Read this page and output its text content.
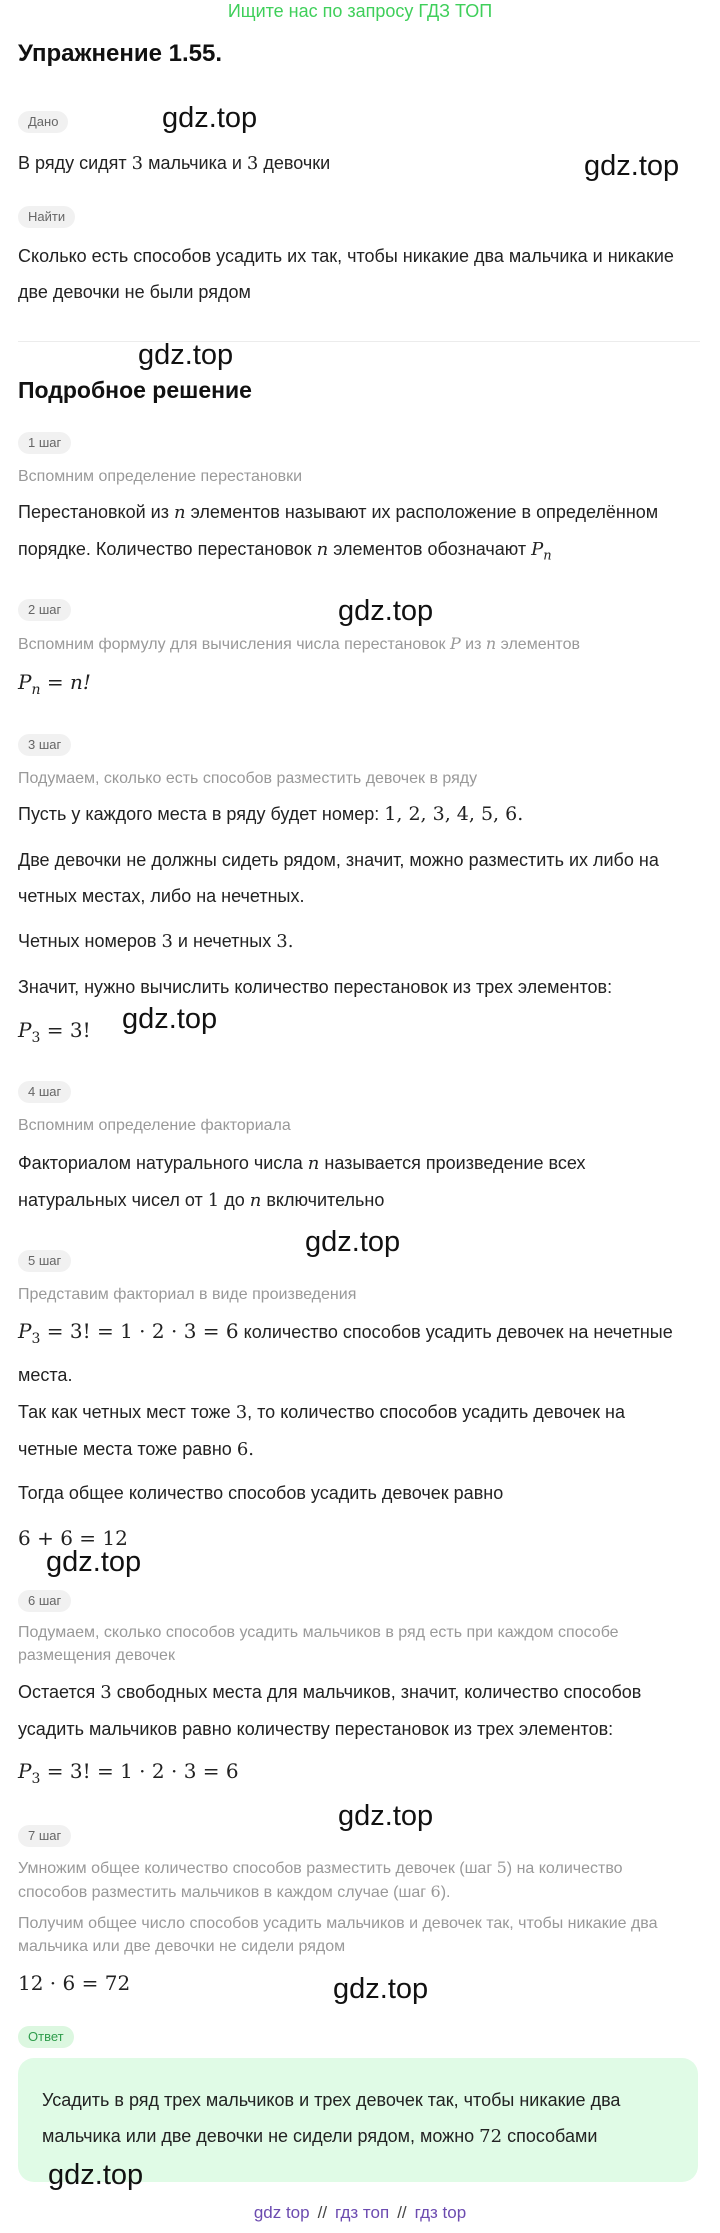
Ищите нас по запросу ГДЗ ТОП
Упражнение 1.55.
Дано
В ряду сидят 3 мальчика и 3 девочки
Найти
Сколько есть способов усадить их так, чтобы никакие два мальчика и никакие
две девочки не были рядом
Подробное решение
1 шаг
Вспомним определение перестановки
Перестановкой из n элементов называют их расположение в определённом
порядке. Количество перестановок n элементов обозначают $P_n$
2 шаг
Вспомним формулу для вычисления числа перестановок P из n элементов
$P_n = n$!
3 шаг
Подумаем, сколько есть способов разместить девочек в ряду
Пусть у каждого места в ряду будет номер: 1, 2, 3, 4, 5, 6.
Две девочки не должны сидеть рядом, значит, можно разместить их либо на
четных местах, либо на нечетных.
Четных номеров 3 и нечетных 3.
Значит, нужно вычислить количество перестановок из трех элементов:
$P_3 = 3$!
4 шаг
Вспомним определение факториала
Факториалом натурального числа n называется произведение всех
натуральных чисел от 1 до n включительно
5 шаг
Представим факториал в виде произведения
$P_3 = 3$! = 1 · 2 · 3 = 6 количество способов усадить девочек на нечетные
места.
Так как четных мест тоже 3, то количество способов усадить девочек на
четные места тоже равно 6.
Тогда общее количество способов усадить девочек равно
6 + 6 = 12
6 шаг
Подумаем, сколько способов усадить мальчиков в ряд есть при каждом способе
размещения девочек
Остается 3 свободных места для мальчиков, значит, количество способов
усадить мальчиков равно количеству перестановок из трех элементов:
$P_3 = 3$! = 1 · 2 · 3 = 6
7 шаг
Умножим общее количество способов разместить девочек (шаг 5) на количество
способов разместить мальчиков в каждом случае (шаг 6).
Получим общее число способов усадить мальчиков и девочек так, чтобы никакие два
мальчика или две девочки не сидели рядом
12 · 6 = 72
Ответ
Усадить в ряд трех мальчиков и трех девочек так, чтобы никакие два
мальчика или две девочки не сидели рядом, можно 72 способами
gdz.top
gdz.top
gdz.top
gdz.top
gdz.top
gdz.top
gdz.top
gdz.top
gdz.top
gdz.top
gdz top // гдз топ // гдз top
